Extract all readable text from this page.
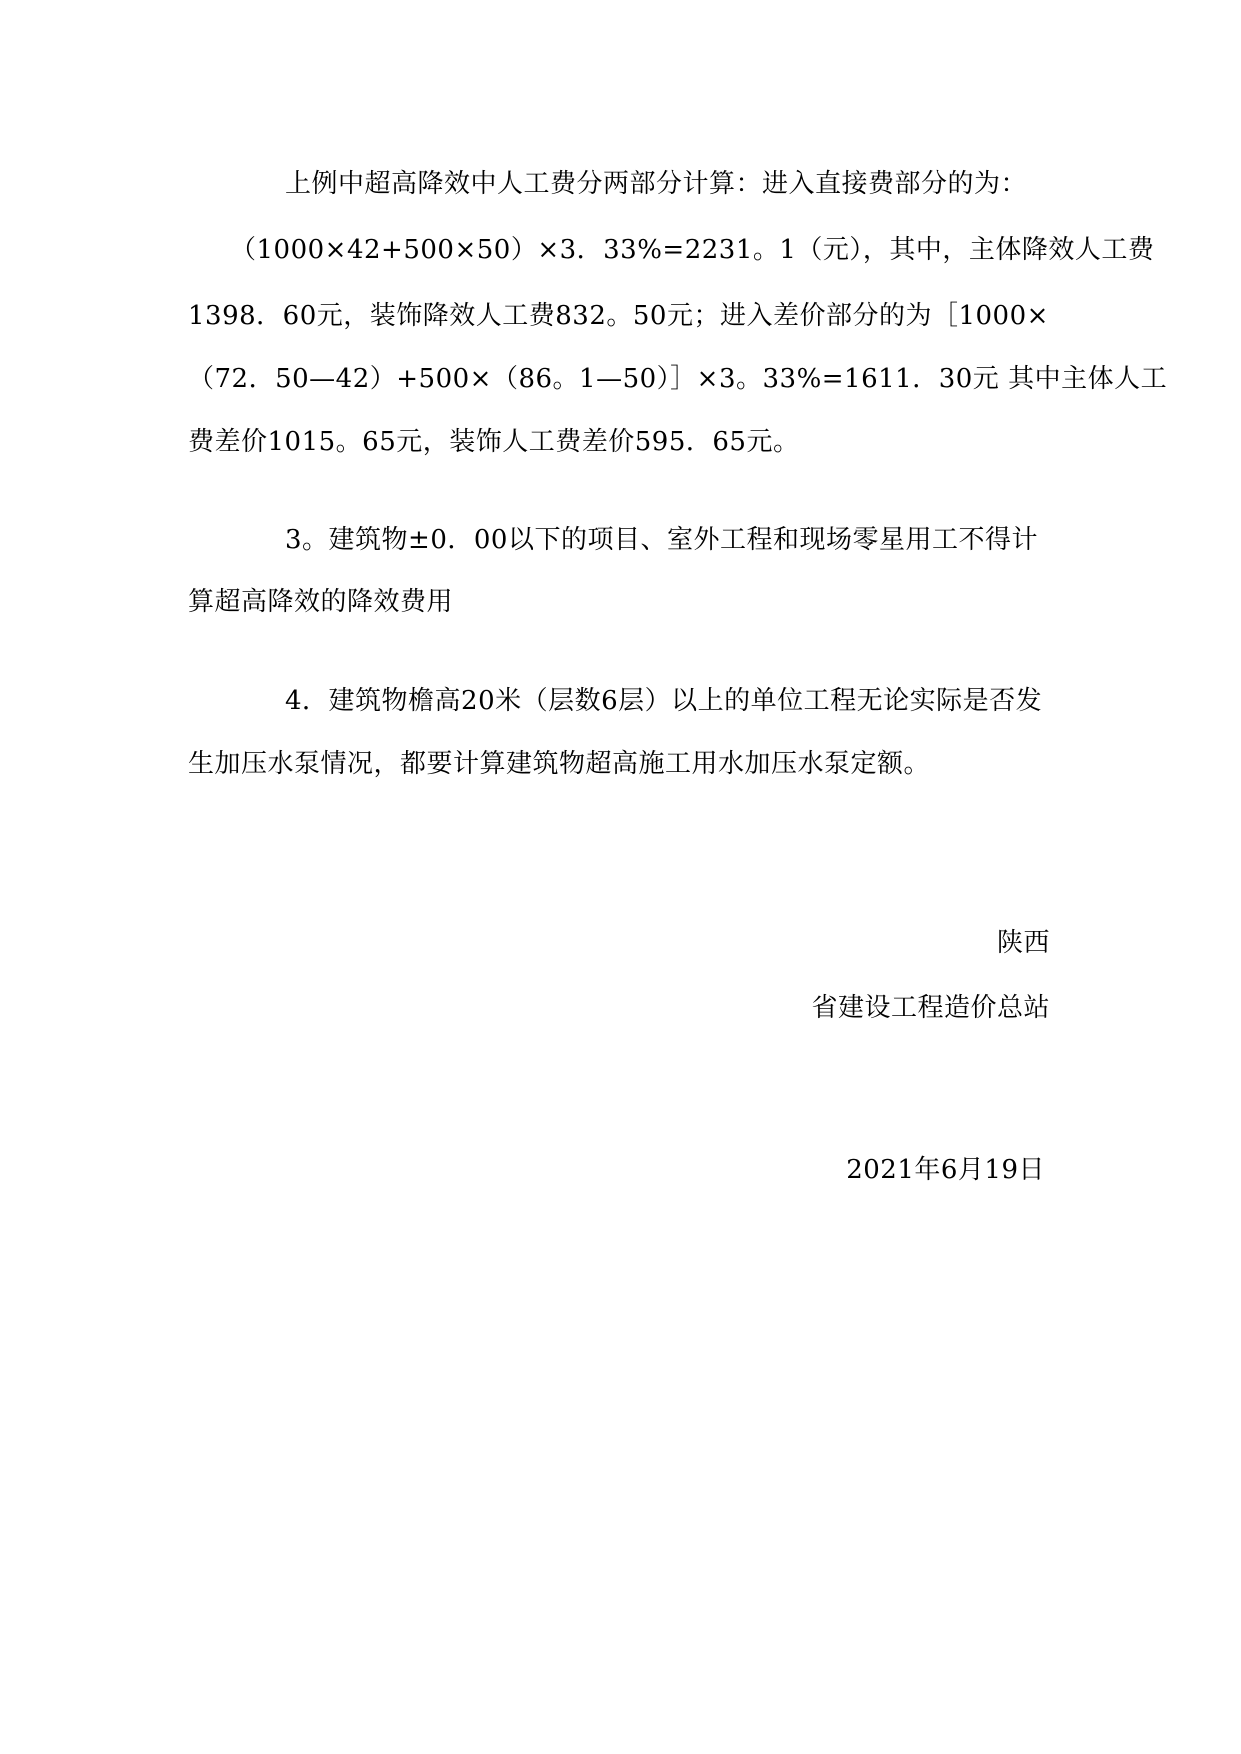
上例中超高降效中人工费分两部分计算：进入直接费部分的为：
（1000×42+500×50）×3．33%=2231。1（元），其中，主体降效人工费
1398．60元，装饰降效人工费832。50元；进入差价部分的为［1000×
（72．50—42）+500×（86。1—50）］×3。33%=1611．30元 其中主体人工
费差价1015。65元，装饰人工费差价595．65元。
3。建筑物±0．00以下的项目、室外工程和现场零星用工不得计
算超高降效的降效费用
4．建筑物檐高20米（层数6层）以上的单位工程无论实际是否发
生加压水泵情况，都要计算建筑物超高施工用水加压水泵定额。
陕西
省建设工程造价总站
2021年6月19日
